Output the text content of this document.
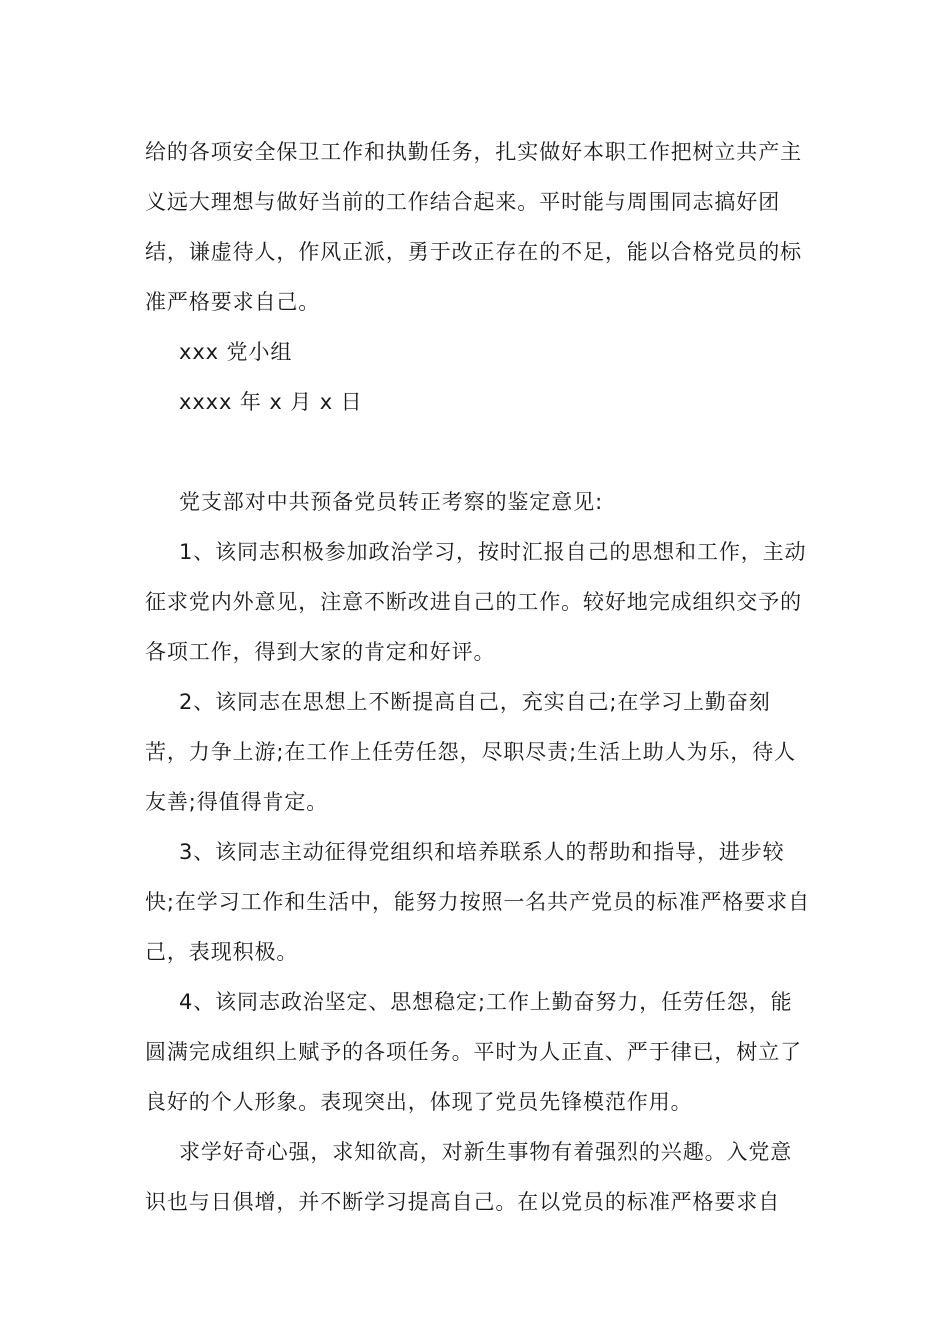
给的各项安全保卫工作和执勤任务，扎实做好本职工作把树立共产主义远大理想与做好当前的工作结合起来。平时能与周围同志搞好团结，谦虚待人，作风正派，勇于改正存在的不足，能以合格党员的标准严格要求自己。

xxx 党小组

xxxx 年 x 月 x 日

党支部对中共预备党员转正考察的鉴定意见:

1、该同志积极参加政治学习，按时汇报自己的思想和工作，主动征求党内外意见，注意不断改进自己的工作。较好地完成组织交予的各项工作，得到大家的肯定和好评。

2、该同志在思想上不断提高自己，充实自己;在学习上勤奋刻苦，力争上游;在工作上任劳任怨，尽职尽责;生活上助人为乐，待人友善;得值得肯定。

3、该同志主动征得党组织和培养联系人的帮助和指导，进步较快;在学习工作和生活中，能努力按照一名共产党员的标准严格要求自己，表现积极。

4、该同志政治坚定、思想稳定;工作上勤奋努力，任劳任怨，能圆满完成组织上赋予的各项任务。平时为人正直、严于律已，树立了良好的个人形象。表现突出，体现了党员先锋模范作用。

求学好奇心强，求知欲高，对新生事物有着强烈的兴趣。入党意识也与日俱增，并不断学习提高自己。在以党员的标准严格要求自
